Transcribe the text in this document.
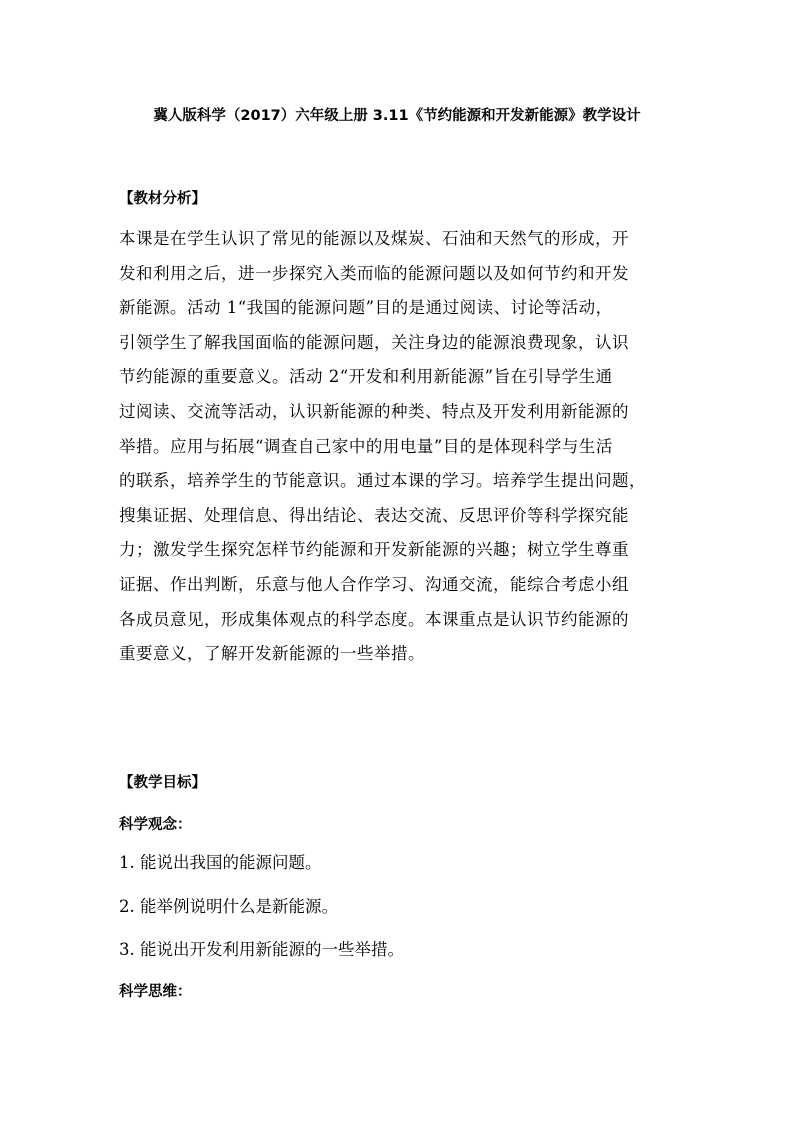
冀人版科学（2017）六年级上册 3.11《节约能源和开发新能源》教学设计
【教材分析】

本课是在学生认识了常见的能源以及煤炭、石油和天然气的形成，开
发和利用之后，进一步探究入类而临的能源问题以及如何节约和开发
新能源。活动 1“我国的能源问题”目的是通过阅读、讨论等活动，
引领学生了解我国面临的能源问题，关注身边的能源浪费现象，认识
节约能源的重要意义。活动 2“开发和利用新能源”旨在引导学生通
过阅读、交流等活动，认识新能源的种类、特点及开发利用新能源的
举措。应用与拓展“调查自己家中的用电量”目的是体现科学与生活
的联系，培养学生的节能意识。通过本课的学习。培养学生提出问题，
搜集证据、处理信息、得出结论、表达交流、反思评价等科学探究能
力；激发学生探究怎样节约能源和开发新能源的兴趣；树立学生尊重
证据、作出判断，乐意与他人合作学习、沟通交流，能综合考虑小组
各成员意见，形成集体观点的科学态度。本课重点是认识节约能源的
重要意义，了解开发新能源的一些举措。

【教学目标】
科学观念：
1. 能说出我国的能源问题。
2. 能举例说明什么是新能源。
3. 能说出开发利用新能源的一些举措。
科学思维：
